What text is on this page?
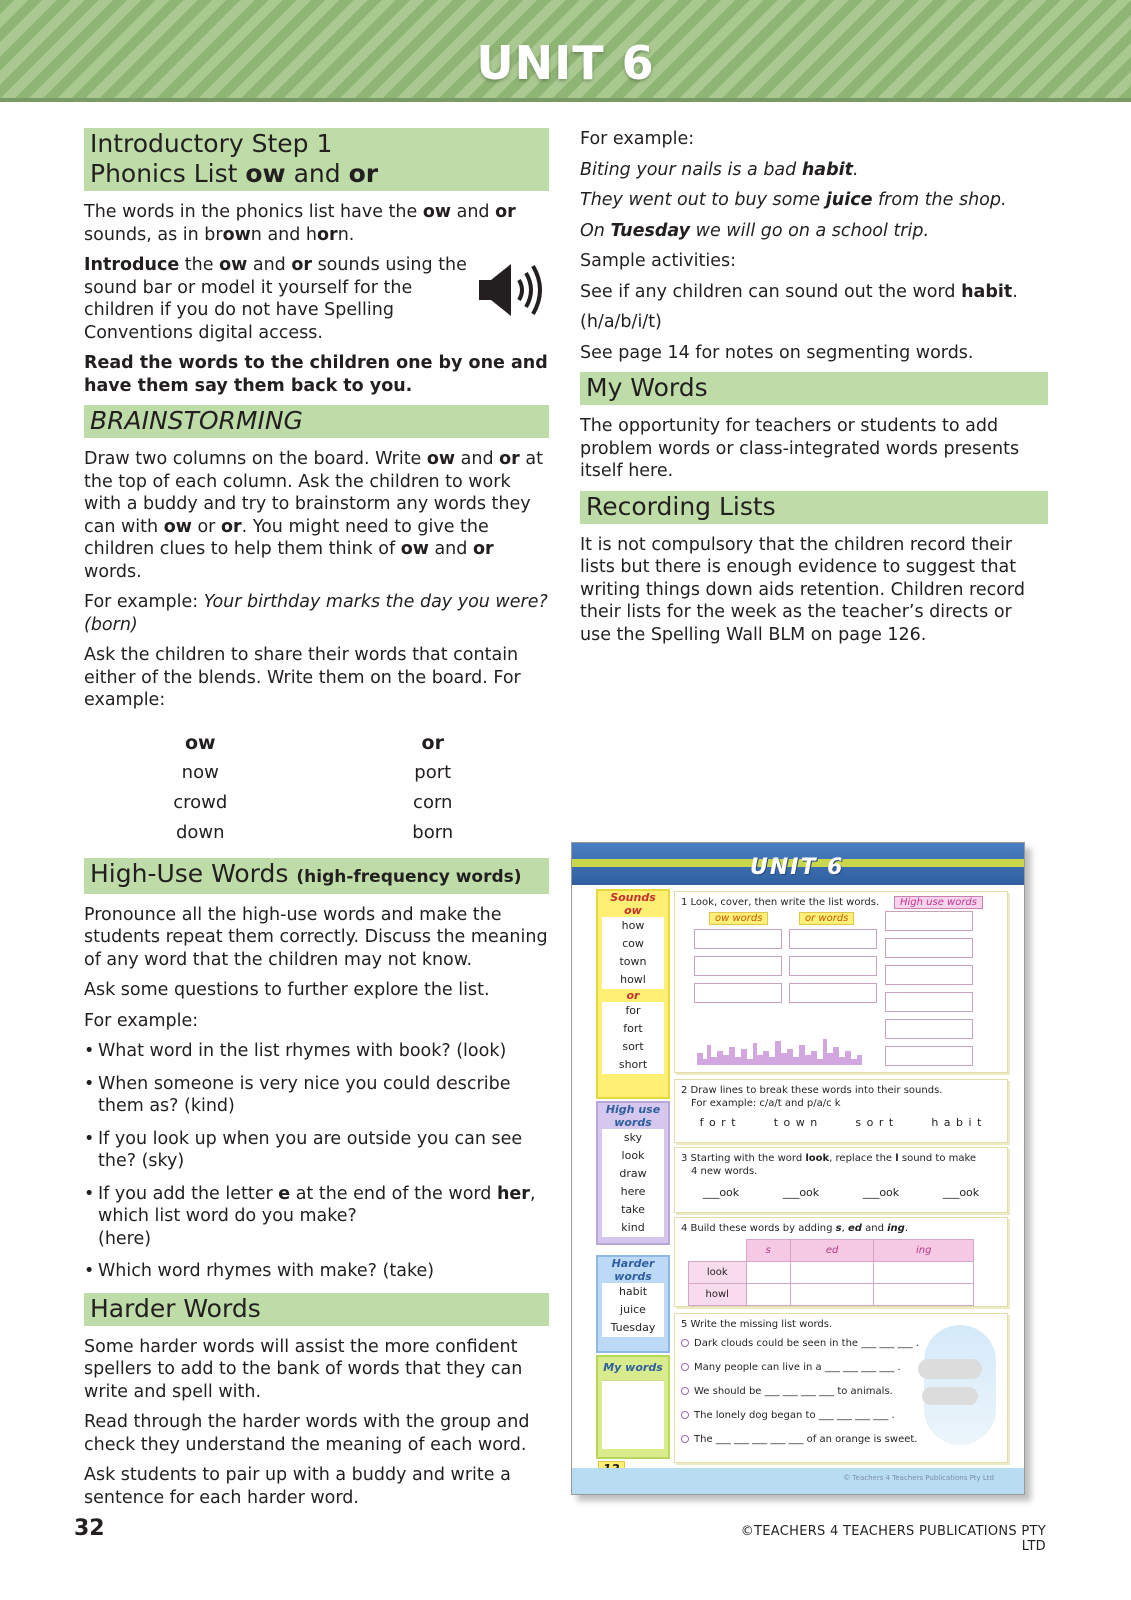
UNIT 6
Introductory Step 1
Phonics List ow and or

The words in the phonics list have the ow and or sounds, as in brown and horn.

Introduce the ow and or sounds using the sound bar or model it yourself for the children if you do not have Spelling Conventions digital access.

Read the words to the children one by one and have them say them back to you.

BRAINSTORMING

Draw two columns on the board. Write ow and or at the top of each column. Ask the children to work with a buddy and try to brainstorm any words they can with ow or or. You might need to give the children clues to help them think of ow and or words.

For example: Your birthday marks the day you were? (born)

Ask the children to share their words that contain either of the blends. Write them on the board. For example:

ow	or
now	port
crowd	corn
down	born
High-Use Words (high-frequency words)

Pronounce all the high-use words and make the students repeat them correctly. Discuss the meaning of any word that the children may not know.

Ask some questions to further explore the list.

For example:

• What word in the list rhymes with book? (look)
• When someone is very nice you could describe them as? (kind)
• If you look up when you are outside you can see the? (sky)
• If you add the letter e at the end of the word her, which list word do you make?
(here)
• Which word rhymes with make? (take)
Harder Words

Some harder words will assist the more confident spellers to add to the bank of words that they can write and spell with.

Read through the harder words with the group and check they understand the meaning of each word.

Ask students to pair up with a buddy and write a sentence for each harder word.

For example:

Biting your nails is a bad habit.

They went out to buy some juice from the shop.

On Tuesday we will go on a school trip.

Sample activities:

See if any children can sound out the word habit.

(h/a/b/i/t)

See page 14 for notes on segmenting words.

My Words

The opportunity for teachers or students to add problem words or class-integrated words presents itself here.

Recording Lists

It is not compulsory that the children record their lists but there is enough evidence to suggest that writing things down aids retention. Children record their lists for the week as the teacher’s directs or use the Spelling Wall BLM on page 126.

UNIT 6
Sounds
ow
how
cow
town
howl
or
for
fort
sort
short
High use words
sky
look
draw
here
take
kind
Harder words
habit
juice
Tuesday
My words
1 Look, cover, then write the list words.	High use words
ow words	or words
2 Draw lines to break these words into their sounds.
For example: c/a/t and p/a/c k
f o r t	t o w n	s o r t	h a b i t
3 Starting with the word look, replace the l sound to make
4 new words.
___ook	___ook	___ook	___ook
4 Build these words by adding s, ed and ing.
	s	ed	ing
look			
howl			
5 Write the missing list words.
Dark clouds could be seen in the ___ ___ ___ .
Many people can live in a ___ ___ ___ ___ .
We should be ___ ___ ___ ___ to animals.
The lonely dog began to ___ ___ ___ ___ .
The ___ ___ ___ ___ ___ of an orange is sweet.
© Teachers 4 Teachers Publications Pty Ltd
32	©TEACHERS 4 TEACHERS PUBLICATIONS PTY LTD
